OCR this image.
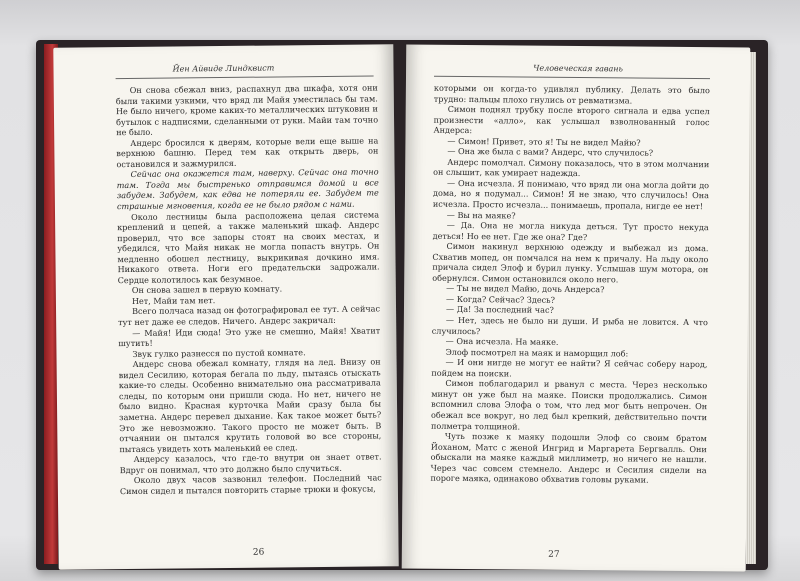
Йен Айвиде Линдквист

Он снова сбежал вниз, распахнул два шкафа, хотя они были такими узкими, что вряд ли Майя уместилась бы там. Не было ничего, кроме каких-то металлических штуковин и бутылок с надписями, сделанными от руки. Майи там точно не было.

Андерс бросился к дверям, которые вели еще выше на верхнюю башню. Перед тем как открыть дверь, он остановился и зажмурился.

Сейчас она окажется там, наверху. Сейчас она точно там. Тогда мы быстренько отправимся домой и все забудем. Забудем, как едва не потеряли ее. Забудем те страшные мгновения, когда ее не было рядом с нами.

Около лестницы была расположена целая система креплений и цепей, а также маленький шкаф. Андерс проверил, что все запоры стоят на своих местах, и убедился, что Майя никак не могла попасть внутрь. Он медленно обошел лестницу, выкрикивая дочкино имя. Никакого ответа. Ноги его предательски задрожали. Сердце колотилось как безумное.

Он снова зашел в первую комнату.

Нет, Майи там нет.

Всего полчаса назад он фотографировал ее тут. А сейчас тут нет даже ее следов. Ничего. Андерс закричал:

— Майя! Иди сюда! Это уже не смешно, Майя! Хватит шутить!

Звук гулко разнесся по пустой комнате.

Андерс снова обежал комнату, глядя на лед. Внизу он видел Сесилию, которая бегала по льду, пытаясь отыскать какие-то следы. Особенно внимательно она рассматривала следы, по которым они пришли сюда. Но нет, ничего не было видно. Красная курточка Майи сразу была бы заметна. Андерс перевел дыхание. Как такое может быть? Это же невозможно. Такого просто не может быть. В отчаянии он пытался крутить головой во все стороны, пытаясь увидеть хоть маленький ее след.

Андерсу казалось, что где-то внутри он знает ответ. Вдруг он понимал, что это должно было случиться.

Около двух часов зазвонил телефон. Последний час Симон сидел и пытался повторить старые трюки и фокусы,

26
Человеческая гавань

которыми он когда-то удивлял публику. Делать это было трудно: пальцы плохо гнулись от ревматизма.

Симон поднял трубку после второго сигнала и едва успел произнести «алло», как услышал взволнованный голос Андерса:

— Симон! Привет, это я! Ты не видел Майю?

— Она же была с вами? Андерс, что случилось?

Андерс помолчал. Симону показалось, что в этом молчании он слышит, как умирает надежда.

— Она исчезла. Я понимаю, что вряд ли она могла дойти до дома, но я подумал... Симон! Я не знаю, что случилось! Она исчезла. Просто исчезла... понимаешь, пропала, нигде ее нет!

— Вы на маяке?

— Да. Она не могла никуда деться. Тут просто некуда деться! Но ее нет. Где же она? Где?

Симон накинул верхнюю одежду и выбежал из дома. Схватив мопед, он помчался на нем к причалу. На льду около причала сидел Элоф и бурил лунку. Услышав шум мотора, он обернулся. Симон остановился около него.

— Ты не видел Майю, дочь Андерса?

— Когда? Сейчас? Здесь?

— Да! За последний час?

— Нет, здесь не было ни души. И рыба не ловится. А что случилось?

— Она исчезла. На маяке.

Элоф посмотрел на маяк и наморщил лоб:

— И они нигде не могут ее найти? Я сейчас соберу народ, пойдем на поиски.

Симон поблагодарил и рванул с места. Через несколько минут он уже был на маяке. Поиски продолжались. Симон вспомнил слова Элофа о том, что лед мог быть непрочен. Он обежал все вокруг, но лед был крепкий, действительно почти полметра толщиной.

Чуть позже к маяку подошли Элоф со своим братом Йоханом, Матс с женой Ингрид и Маргарета Бергвалль. Они обыскали на маяке каждый миллиметр, но ничего не нашли. Через час совсем стемнело. Андерс и Сесилия сидели на пороге маяка, одинаково обхватив головы руками.

27
